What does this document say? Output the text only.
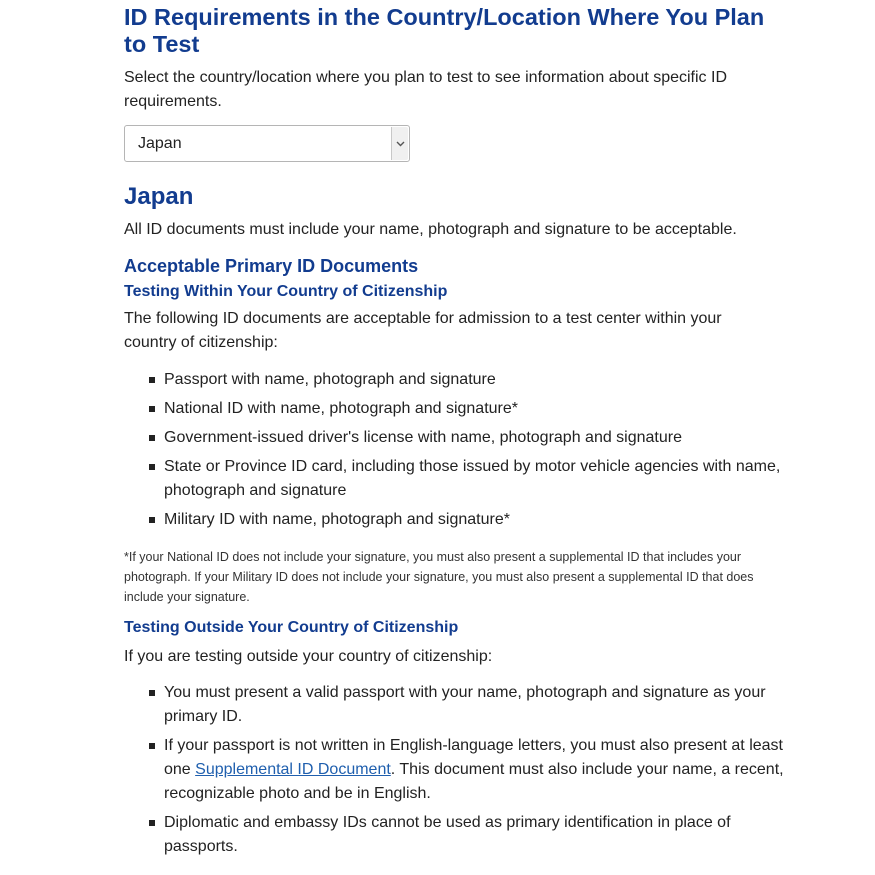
ID Requirements in the Country/Location Where You Plan to Test

Select the country/location where you plan to test to see information about specific ID requirements.

Japan
Japan

All ID documents must include your name, photograph and signature to be acceptable.

Acceptable Primary ID Documents
Testing Within Your Country of Citizenship

The following ID documents are acceptable for admission to a test center within your country of citizenship:

Passport with name, photograph and signature
National ID with name, photograph and signature*
Government-issued driver's license with name, photograph and signature
State or Province ID card, including those issued by motor vehicle agencies with name, photograph and signature
Military ID with name, photograph and signature*

*If your National ID does not include your signature, you must also present a supplemental ID that includes your photograph. If your Military ID does not include your signature, you must also present a supplemental ID that does include your signature.

Testing Outside Your Country of Citizenship

If you are testing outside your country of citizenship:

You must present a valid passport with your name, photograph and signature as your primary ID.
If your passport is not written in English-language letters, you must also present at least one Supplemental ID Document. This document must also include your name, a recent, recognizable photo and be in English.
Diplomatic and embassy IDs cannot be used as primary identification in place of passports.
